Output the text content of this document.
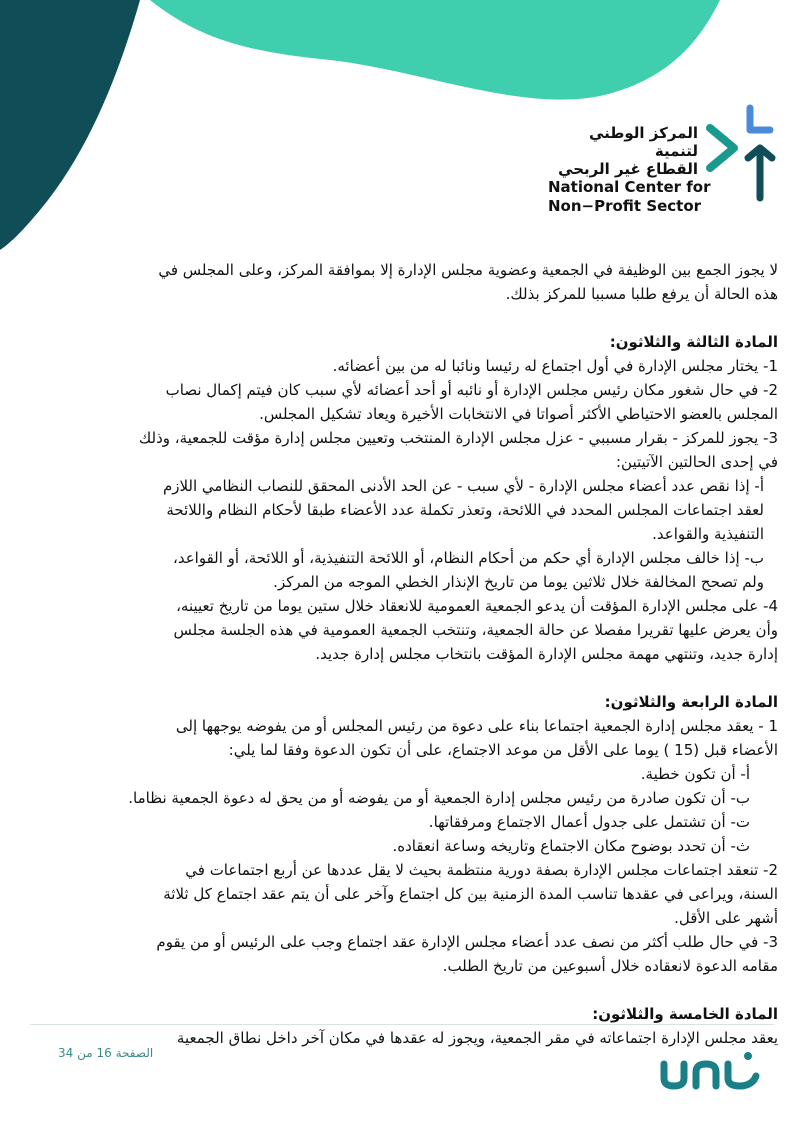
المركز الوطني لتنمية
القطاع غير الربحي
National Center for
Non−Profit Sector

لا يجوز الجمع بين الوظيفة في الجمعية وعضوية مجلس الإدارة إلا بموافقة المركز، وعلى المجلس في

هذه الحالة أن يرفع طلبا مسببا للمركز بذلك.

المادة الثالثة والثلاثون:

1- يختار مجلس الإدارة في أول اجتماع له رئيسا ونائبا له من بين أعضائه.

2- في حال شغور مكان رئيس مجلس الإدارة أو نائبه أو أحد أعضائه لأي سبب كان فيتم إكمال نصاب

المجلس بالعضو الاحتياطي الأكثر أصواتا في الانتخابات الأخيرة ويعاد تشكيل المجلس.

3- يجوز للمركز - بقرار مسببي - عزل مجلس الإدارة المنتخب وتعيين مجلس إدارة مؤقت للجمعية، وذلك

في إحدى الحالتين الآتيتين:

أ- إذا نقص عدد أعضاء مجلس الإدارة - لأي سبب - عن الحد الأدنى المحقق للنصاب النظامي اللازم

لعقد اجتماعات المجلس المحدد في اللائحة، وتعذر تكملة عدد الأعضاء طبقا لأحكام النظام واللائحة

التنفيذية والقواعد.

ب- إذا خالف مجلس الإدارة أي حكم من أحكام النظام، أو اللائحة التنفيذية، أو اللائحة، أو القواعد،

ولم تصحح المخالفة خلال ثلاثين يوما من تاريخ الإنذار الخطي الموجه من المركز.

4- على مجلس الإدارة المؤقت أن يدعو الجمعية العمومية للانعقاد خلال ستين يوما من تاريخ تعيينه،

وأن يعرض عليها تقريرا مفصلا عن حالة الجمعية، وتنتخب الجمعية العمومية في هذه الجلسة مجلس

إدارة جديد، وتنتهي مهمة مجلس الإدارة المؤقت بانتخاب مجلس إدارة جديد.

المادة الرابعة والثلاثون:

1 - يعقد مجلس إدارة الجمعية اجتماعا بناء على دعوة من رئيس المجلس أو من يفوضه يوجهها إلى

الأعضاء قبل (15 ) يوما على الأقل من موعد الاجتماع، على أن تكون الدعوة وفقا لما يلي:

أ- أن تكون خطية.

ب- أن تكون صادرة من رئيس مجلس إدارة الجمعية أو من يفوضه أو من يحق له دعوة الجمعية نظاما.

ت- أن تشتمل على جدول أعمال الاجتماع ومرفقاتها.

ث- أن تحدد بوضوح مكان الاجتماع وتاريخه وساعة انعقاده.

2- تنعقد اجتماعات مجلس الإدارة بصفة دورية منتظمة بحيث لا يقل عددها عن أربع اجتماعات في

السنة، ويراعى في عقدها تناسب المدة الزمنية بين كل اجتماع وآخر على أن يتم عقد اجتماع كل ثلاثة

أشهر على الأقل.

3- في حال طلب أكثر من نصف عدد أعضاء مجلس الإدارة عقد اجتماع وجب على الرئيس أو من يقوم

مقامه الدعوة لانعقاده خلال أسبوعين من تاريخ الطلب.

المادة الخامسة والثلاثون:

يعقد مجلس الإدارة اجتماعاته في مقر الجمعية، ويجوز له عقدها في مكان آخر داخل نطاق الجمعية

الصفحة 16 من 34
